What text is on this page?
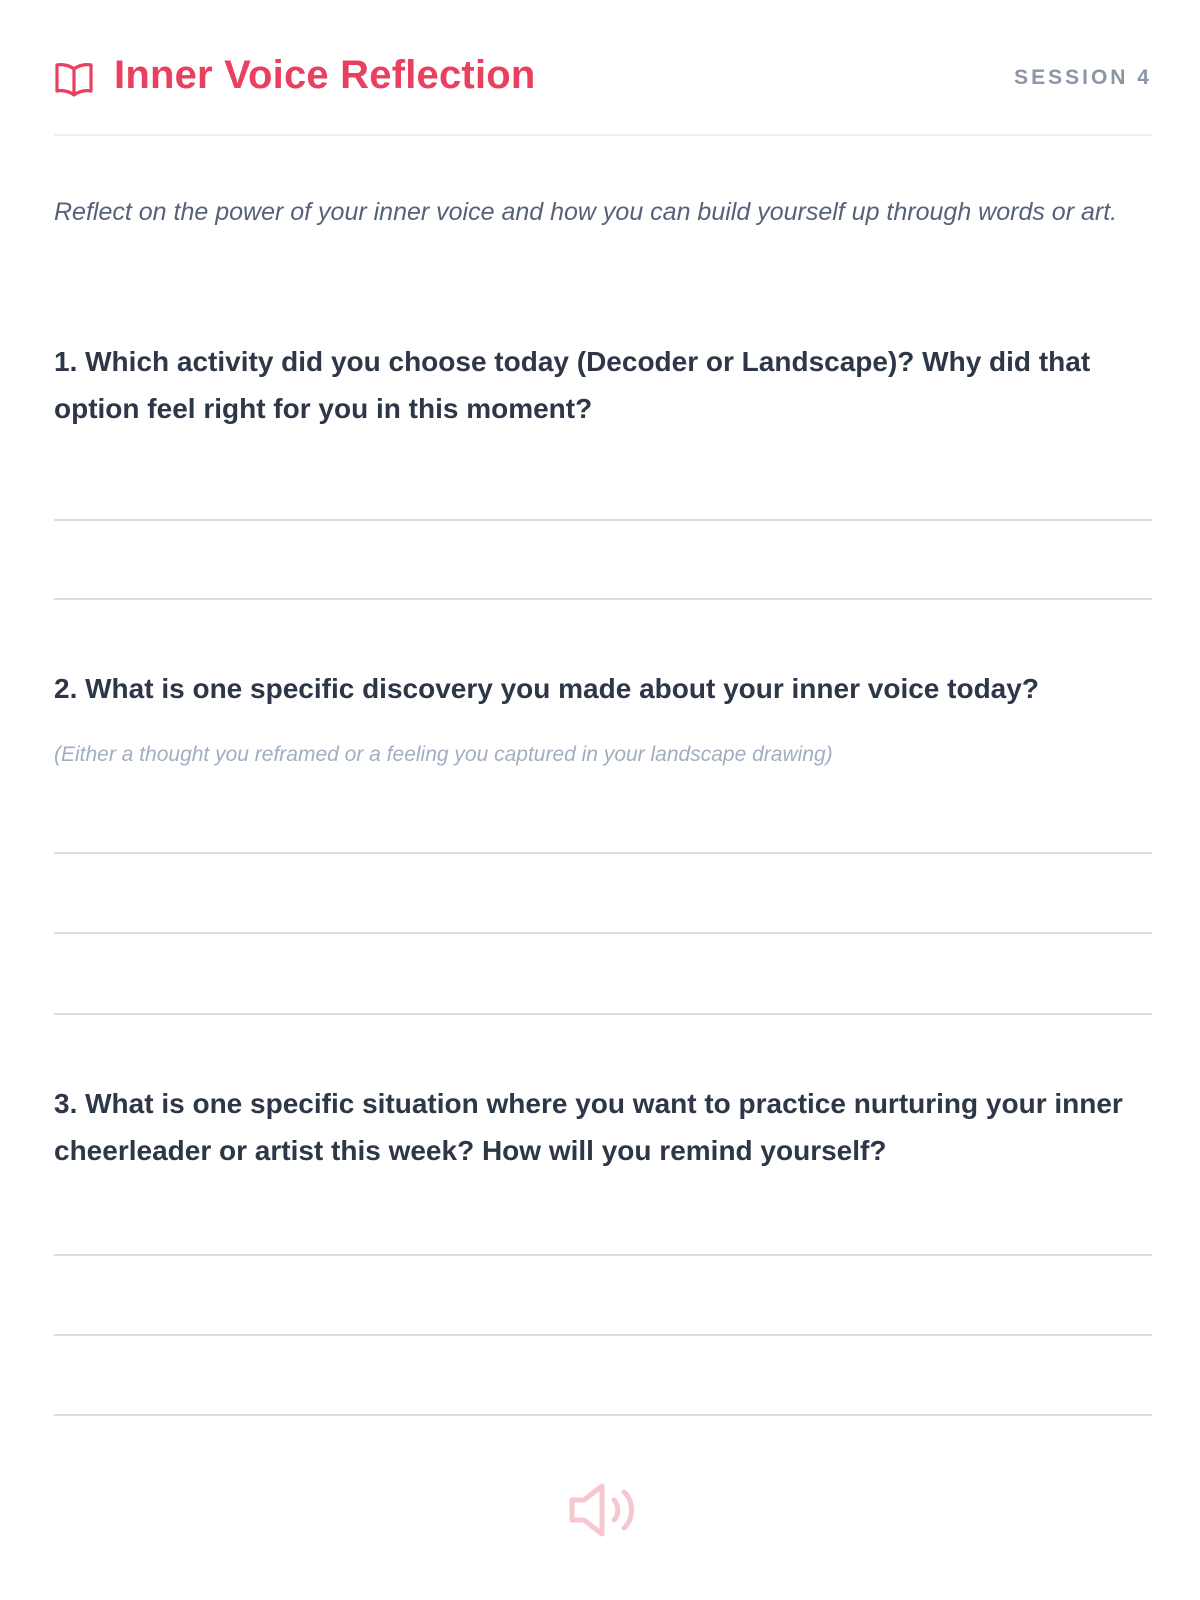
Inner Voice Reflection	SESSION 4
Reflect on the power of your inner voice and how you can build yourself up through words or art.
1. Which activity did you choose today (Decoder or Landscape)? Why did that option feel right for you in this moment?
2. What is one specific discovery you made about your inner voice today?
(Either a thought you reframed or a feeling you captured in your landscape drawing)
3. What is one specific situation where you want to practice nurturing your inner cheerleader or artist this week? How will you remind yourself?
